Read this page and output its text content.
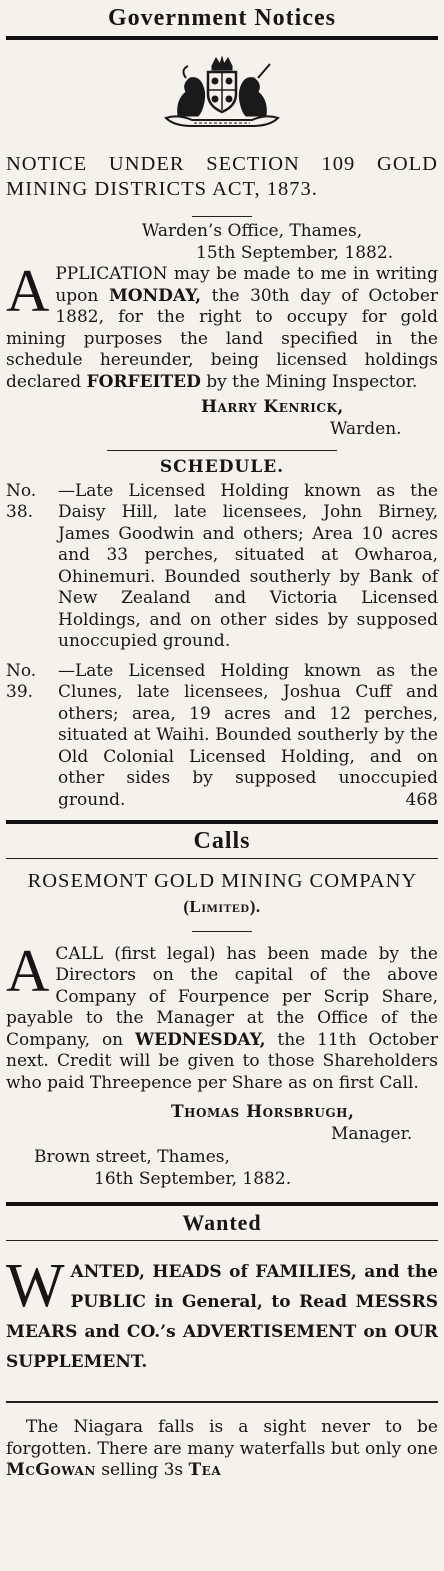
Government Notices

NOTICE UNDER SECTION 109 GOLD MINING DISTRICTS ACT, 1873.

Warden’s Office, Thames,

15th September, 1882.

A PPLICATION may be made to me in writing upon MONDAY, the 30th day of October 1882, for the right to occupy for gold mining purposes the land specified in the schedule hereunder, being licensed holdings declared FORFEITED by the Mining Inspector.

Harry Kenrick,

Warden.

SCHEDULE.

No. 38.
—Late Licensed Holding known as the Daisy Hill, late licensees, John Birney, James Goodwin and others; Area 10 acres and 33 perches, situated at Owharoa, Ohinemuri. Bounded southerly by Bank of New Zealand and Victoria Licensed Holdings, and on other sides by supposed unoccupied ground.
No. 39.
—Late Licensed Holding known as the Clunes, late licensees, Joshua Cuff and others; area, 19 acres and 12 perches, situated at Waihi. Bounded southerly by the Old Colonial Licensed Holding, and on other sides by supposed unoccupied ground.	468

Calls

ROSEMONT GOLD MINING COMPANY (Limited).

A CALL (first legal) has been made by the Directors on the capital of the above Company of Fourpence per Scrip Share, payable to the Manager at the Office of the Company, on WEDNESDAY, the 11th October next. Credit will be given to those Shareholders who paid Threepence per Share as on first Call.

Thomas Horsbrugh,

Manager.

Brown street, Thames,

16th September, 1882.

Wanted
W ANTED, HEADS of FAMILIES, and the PUBLIC in General, to Read MESSRS MEARS and CO.’s ADVERTISEMENT on OUR SUPPLEMENT.

The Niagara falls is a sight never to be forgotten. There are many waterfalls but only one McGowan selling 3s Tea
